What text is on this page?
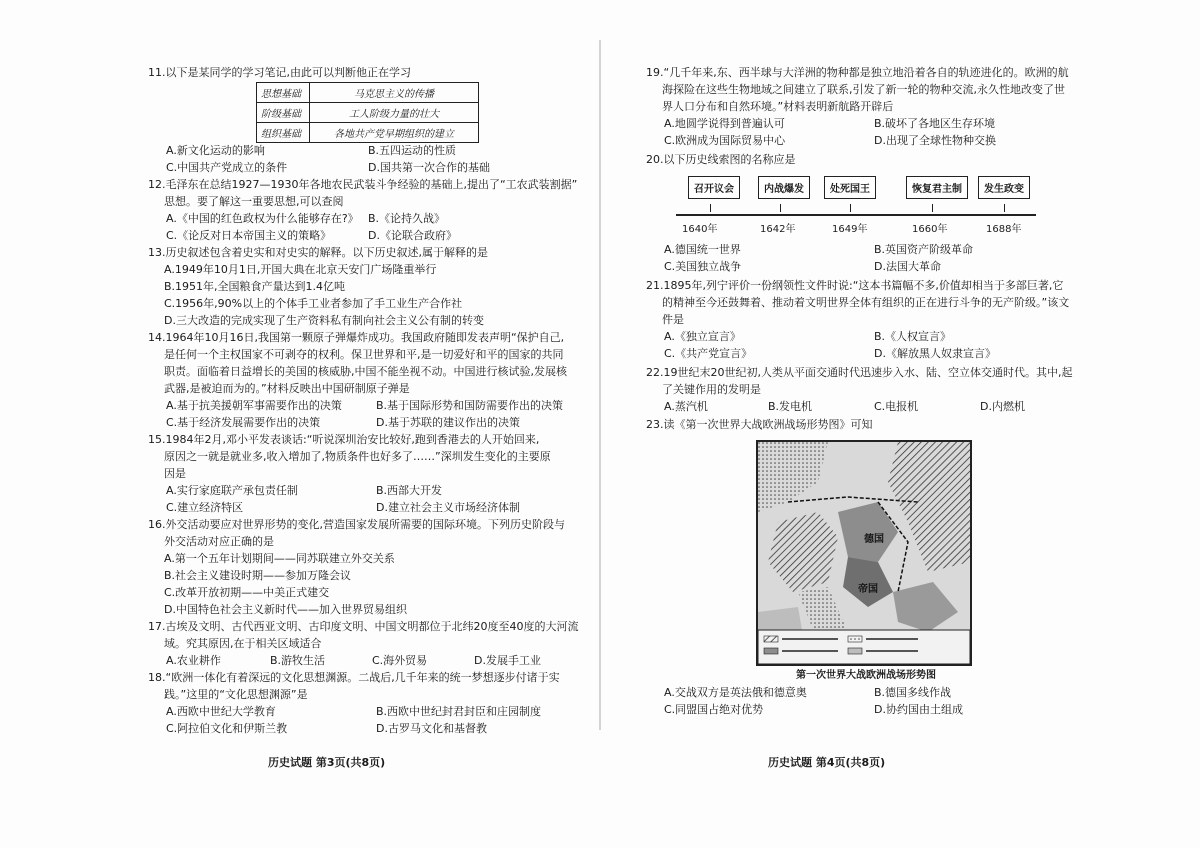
11.以下是某同学的学习笔记,由此可以判断他正在学习
思想基础	马克思主义的传播
阶级基础	工人阶级力量的壮大
组织基础	各地共产党早期组织的建立
A.新文化运动的影响	B.五四运动的性质
C.中国共产党成立的条件	D.国共第一次合作的基础
12.毛泽东在总结1927—1930年各地农民武装斗争经验的基础上,提出了“工农武装割据”
思想。要了解这一重要思想,可以查阅
A.《中国的红色政权为什么能够存在?》 B.《论持久战》
C.《论反对日本帝国主义的策略》	D.《论联合政府》
13.历史叙述包含着史实和对史实的解释。以下历史叙述,属于解释的是
A.1949年10月1日,开国大典在北京天安门广场隆重举行
B.1951年,全国粮食产量达到1.4亿吨
C.1956年,90%以上的个体手工业者参加了手工业生产合作社
D.三大改造的完成实现了生产资料私有制向社会主义公有制的转变
14.1964年10月16日,我国第一颗原子弹爆炸成功。我国政府随即发表声明“保护自己,
是任何一个主权国家不可剥夺的权利。保卫世界和平,是一切爱好和平的国家的共同
职责。面临着日益增长的美国的核威胁,中国不能坐视不动。中国进行核试验,发展核
武器,是被迫而为的。”材料反映出中国研制原子弹是
A.基于抗美援朝军事需要作出的决策	B.基于国际形势和国防需要作出的决策
C.基于经济发展需要作出的决策	D.基于苏联的建议作出的决策
15.1984年2月,邓小平发表谈话:“听说深圳治安比较好,跑到香港去的人开始回来,
原因之一就是就业多,收入增加了,物质条件也好多了……”深圳发生变化的主要原
因是
A.实行家庭联产承包责任制	B.西部大开发
C.建立经济特区	D.建立社会主义市场经济体制
16.外交活动要应对世界形势的变化,营造国家发展所需要的国际环境。下列历史阶段与
外交活动对应正确的是
A.第一个五年计划期间——同苏联建立外交关系
B.社会主义建设时期——参加万隆会议
C.改革开放初期——中美正式建交
D.中国特色社会主义新时代——加入世界贸易组织
17.古埃及文明、古代西亚文明、古印度文明、中国文明都位于北纬20度至40度的大河流
域。究其原因,在于相关区域适合
A.农业耕作	B.游牧生活	C.海外贸易	D.发展手工业
18.“欧洲一体化有着深远的文化思想渊源。二战后,几千年来的统一梦想逐步付诸于实
践。”这里的“文化思想渊源”是
A.西欧中世纪大学教育	B.西欧中世纪封君封臣和庄园制度
C.阿拉伯文化和伊斯兰教	D.古罗马文化和基督教
历史试题 第3页(共8页)
19.“几千年来,东、西半球与大洋洲的物种都是独立地沿着各自的轨迹进化的。欧洲的航
海探险在这些生物地域之间建立了联系,引发了新一轮的物种交流,永久性地改变了世
界人口分布和自然环境。”材料表明新航路开辟后
A.地圆学说得到普遍认可	B.破坏了各地区生存环境
C.欧洲成为国际贸易中心	D.出现了全球性物种交换
20.以下历史线索图的名称应是
召开议会	内战爆发	处死国王	恢复君主制	发生政变
1640年	1642年	1649年	1660年	1688年
A.德国统一世界	B.英国资产阶级革命
C.美国独立战争	D.法国大革命
21.1895年,列宁评价一份纲领性文件时说:“这本书篇幅不多,价值却相当于多部巨著,它
的精神至今还鼓舞着、推动着文明世界全体有组织的正在进行斗争的无产阶级。”该文
件是
A.《独立宣言》	B.《人权宣言》
C.《共产党宣言》	D.《解放黑人奴隶宣言》
22.19世纪末20世纪初,人类从平面交通时代迅速步入水、陆、空立体交通时代。其中,起
了关键作用的发明是
A.蒸汽机	B.发电机	C.电报机	D.内燃机
23.读《第一次世界大战欧洲战场形势图》可知
德国
帝国
第一次世界大战欧洲战场形势图
A.交战双方是英法俄和德意奥	B.德国多线作战
C.同盟国占绝对优势	D.协约国由土组成
历史试题 第4页(共8页)
